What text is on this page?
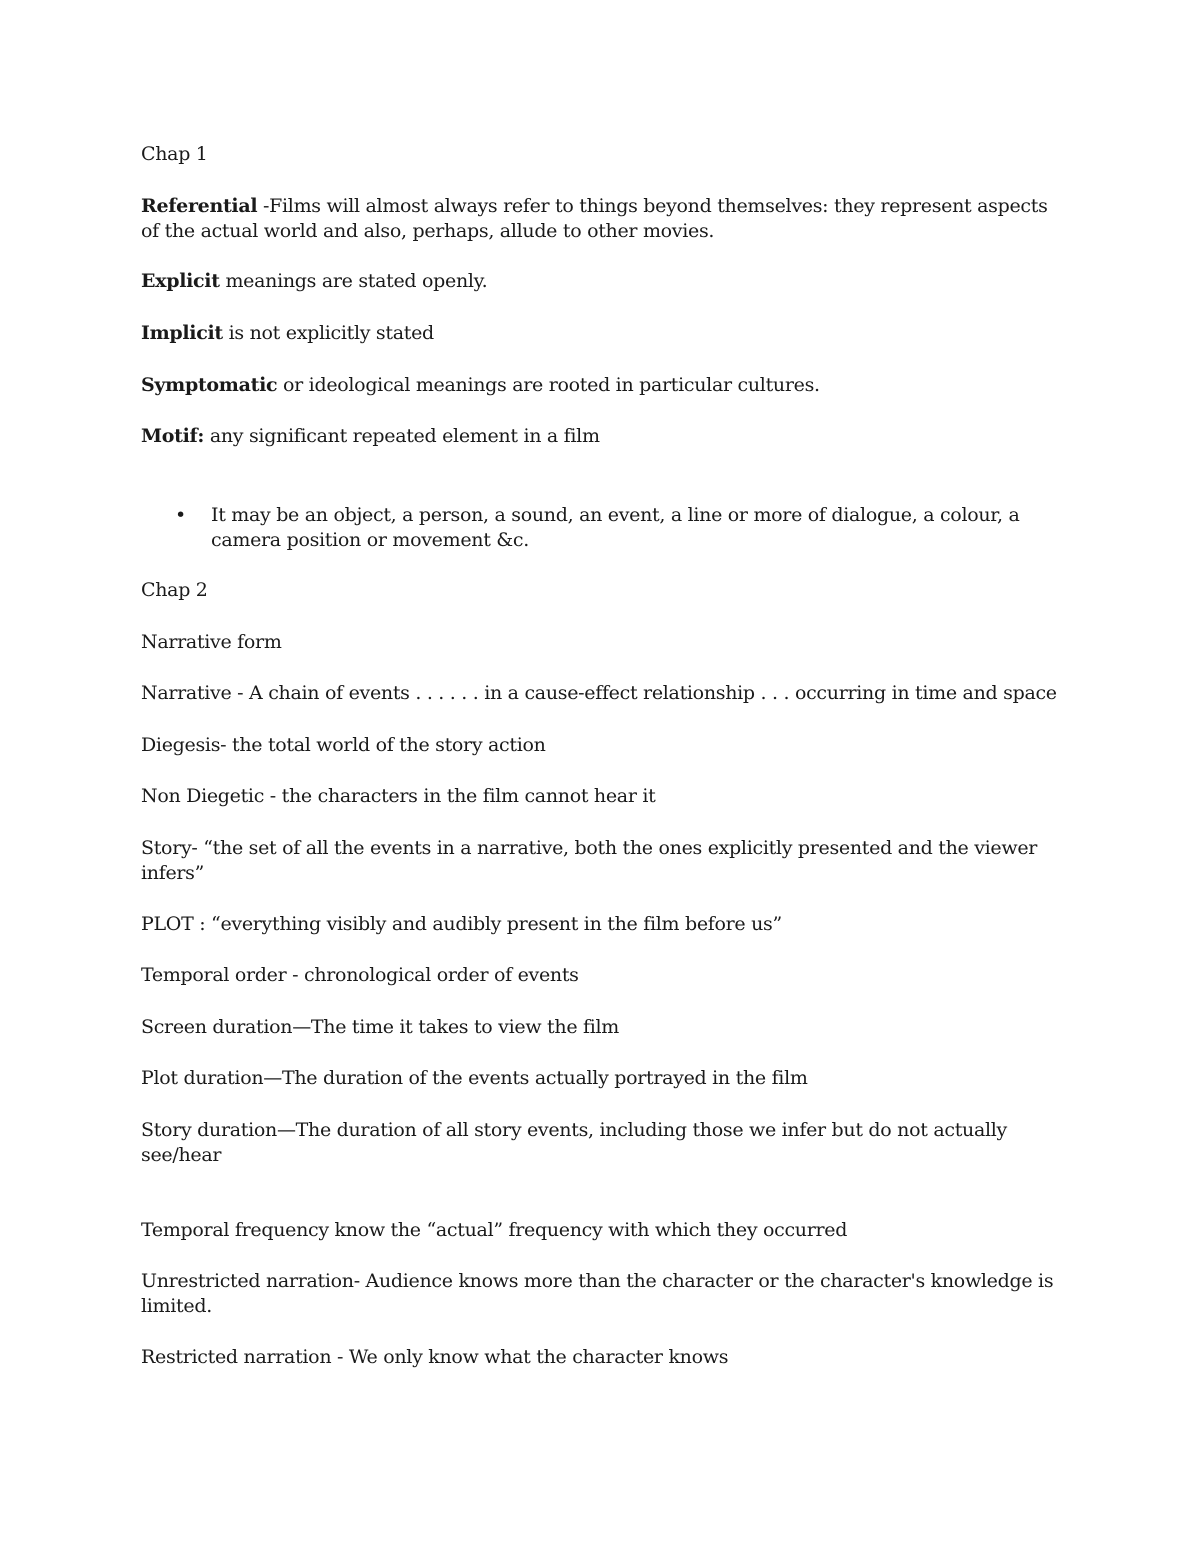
Chap 1

Referential -Films will almost always refer to things beyond themselves: they represent aspects of the actual world and also, perhaps, allude to other movies.

Explicit meanings are stated openly.

Implicit is not explicitly stated

Symptomatic or ideological meanings are rooted in particular cultures.

Motif: any significant repeated element in a film

• It may be an object, a person, a sound, an event, a line or more of dialogue, a colour, a camera position or movement &c.

Chap 2

Narrative form

Narrative - A chain of events . . . . . . in a cause-effect relationship . . . occurring in time and space

Diegesis- the total world of the story action

Non Diegetic - the characters in the film cannot hear it

Story- “the set of all the events in a narrative, both the ones explicitly presented and the viewer infers”

PLOT : “everything visibly and audibly present in the film before us”

Temporal order - chronological order of events

Screen duration—The time it takes to view the film

Plot duration—The duration of the events actually portrayed in the film

Story duration—The duration of all story events, including those we infer but do not actually see/hear

Temporal frequency know the “actual” frequency with which they occurred

Unrestricted narration- Audience knows more than the character or the character's knowledge is limited.

Restricted narration - We only know what the character knows
